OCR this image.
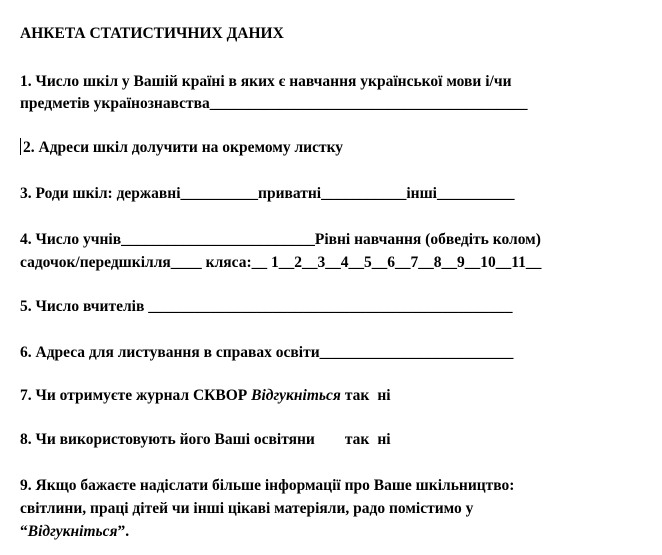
АНКЕТА СТАТИСТИЧНИХ ДАНИХ
1. Число шкіл у Вашій країні в яких є навчання української мови і/чи
предметів українознавства_________________________________________
2. Адреси шкіл долучити на окремому листку
3. Роди шкіл: державні__________приватні___________інші__________
4. Число учнів_________________________Рівні навчання (обведіть колом)
садочок/передшкілля____ кляса:__ 1__2__3__4__5__6__7__8__9__10__11__
5. Число вчителів _______________________________________________
6. Адреса для листування в справах освіти_________________________
7. Чи отримуєте журнал СКВОР Відгукніться так ні
8. Чи використовують його Ваші освітяни так ні
9. Якщо бажаєте надіслати більше інформації про Ваше шкільництво:
світлини, праці дітей чи інші цікаві матеріяли, радо помістимо у
“Відгукніться”.
